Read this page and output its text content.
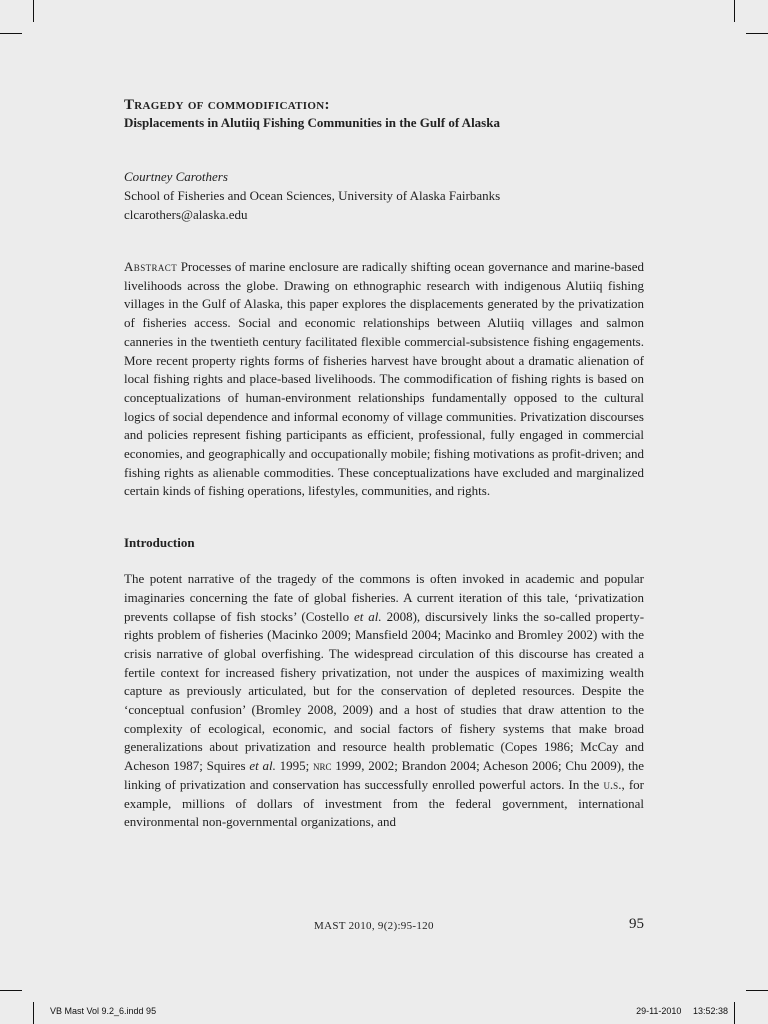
Tragedy of commodification:
Displacements in Alutiiq Fishing Communities in the Gulf of Alaska
Courtney Carothers
School of Fisheries and Ocean Sciences, University of Alaska Fairbanks
clcarothers@alaska.edu

Abstract Processes of marine enclosure are radically shifting ocean governance and marine-based livelihoods across the globe. Drawing on ethnographic research with indigenous Alutiiq fishing villages in the Gulf of Alaska, this paper explores the displacements generated by the privatization of fisheries access. Social and economic relationships between Alutiiq villages and salmon canneries in the twentieth century facilitated flexible commercial-subsistence fishing engagements. More recent property rights forms of fisheries harvest have brought about a dramatic alienation of local fishing rights and place-based livelihoods. The commodification of fishing rights is based on conceptualizations of human-environment relationships fundamentally opposed to the cultural logics of social dependence and informal economy of village communities. Privatization discourses and policies represent fishing participants as efficient, professional, fully engaged in commercial economies, and geographically and occupationally mobile; fishing motivations as profit-driven; and fishing rights as alienable commodities. These conceptualizations have excluded and marginalized certain kinds of fishing operations, lifestyles, communities, and rights.

Introduction

The potent narrative of the tragedy of the commons is often invoked in academic and popular imaginaries concerning the fate of global fisheries. A current iteration of this tale, ‘privatization prevents collapse of fish stocks’ (Costello et al. 2008), discursively links the so-called property-rights problem of fisheries (Macinko 2009; Mansfield 2004; Macinko and Bromley 2002) with the crisis narrative of global overfishing. The widespread circulation of this discourse has created a fertile context for increased fishery privatization, not under the auspices of maximizing wealth capture as previously articulated, but for the conservation of depleted resources. Despite the ‘conceptual confusion’ (Bromley 2008, 2009) and a host of studies that draw attention to the complexity of ecological, economic, and social factors of fishery systems that make broad generalizations about privatization and resource health problematic (Copes 1986; McCay and Acheson 1987; Squires et al. 1995; nrc 1999, 2002; Brandon 2004; Acheson 2006; Chu 2009), the linking of privatization and conservation has successfully enrolled powerful actors. In the u.s., for example, millions of dollars of investment from the federal government, international environmental non-governmental organizations, and

MAST 2010, 9(2):95-120	95
VB Mast Vol 9.2_6.indd 95	29-11-2010 13:52:38
